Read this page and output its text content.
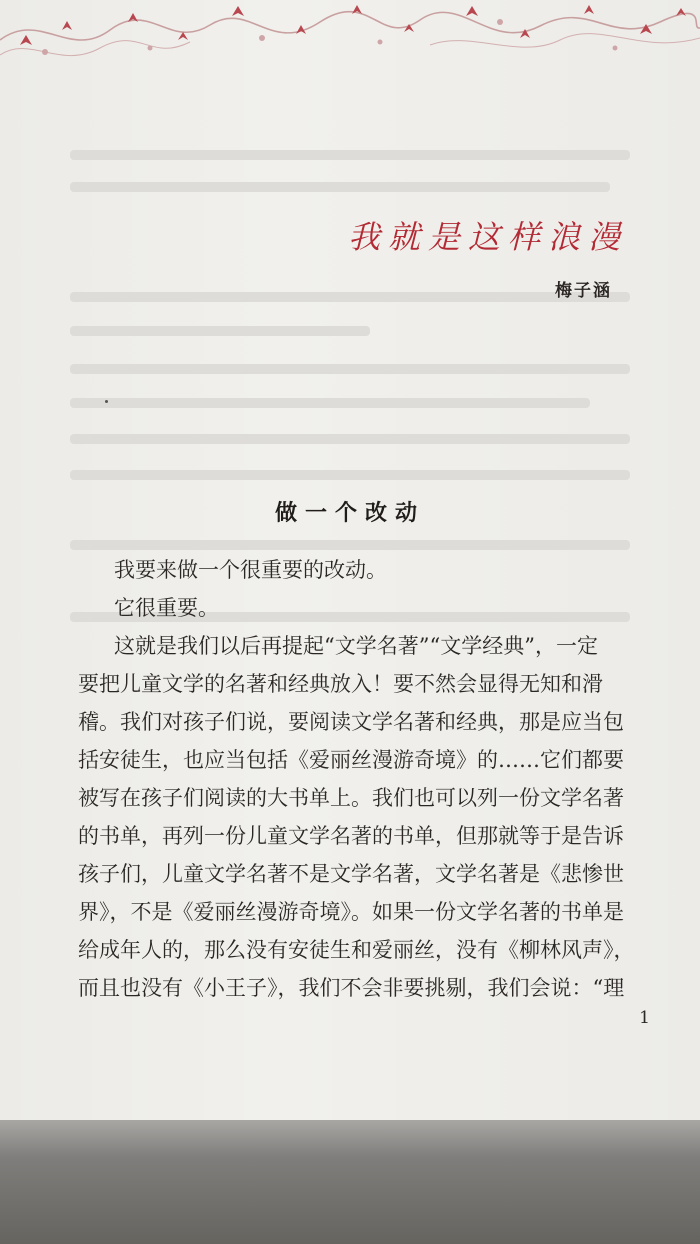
我就是这样浪漫
梅子涵
做一个改动
我要来做一个很重要的改动。
它很重要。
这就是我们以后再提起“文学名著”“文学经典”，一定
要把儿童文学的名著和经典放入！要不然会显得无知和滑
稽。我们对孩子们说，要阅读文学名著和经典，那是应当包
括安徒生，也应当包括《爱丽丝漫游奇境》的……它们都要
被写在孩子们阅读的大书单上。我们也可以列一份文学名著
的书单，再列一份儿童文学名著的书单，但那就等于是告诉
孩子们，儿童文学名著不是文学名著，文学名著是《悲惨世
界》，不是《爱丽丝漫游奇境》。如果一份文学名著的书单是
给成年人的，那么没有安徒生和爱丽丝，没有《柳林风声》，
而且也没有《小王子》，我们不会非要挑剔，我们会说：“理
1
